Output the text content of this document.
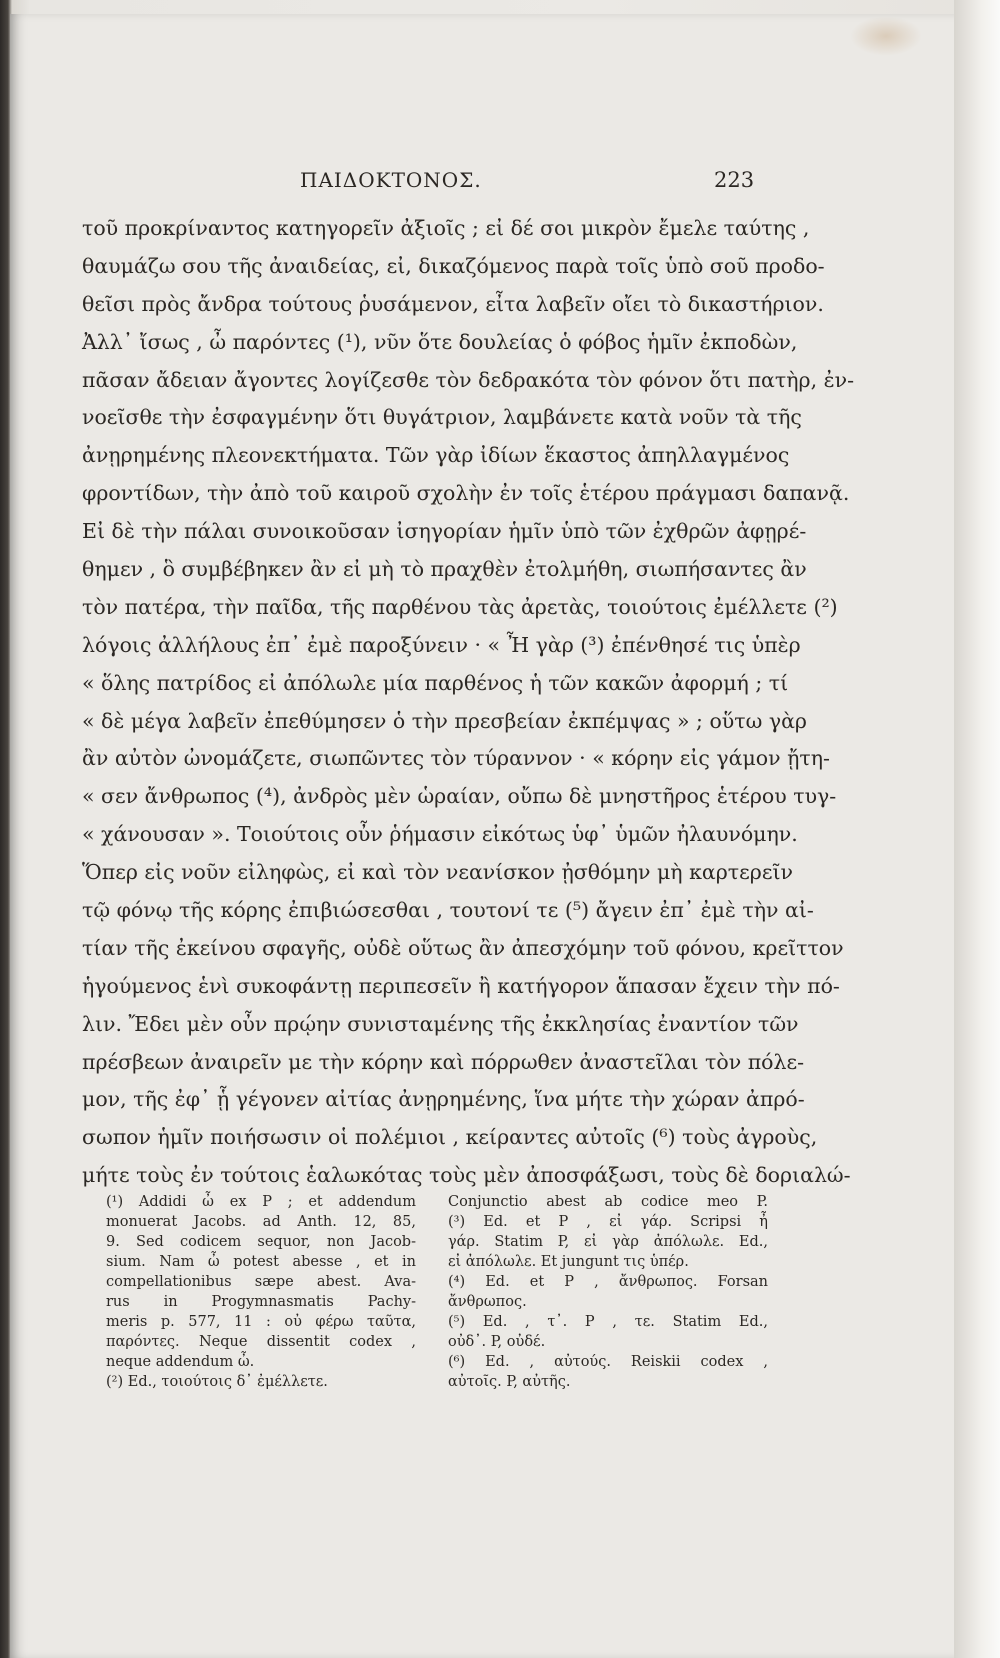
ΠΑΙΔΟΚΤΟΝΟΣ.	223
τοῦ προκρίναντος κατηγορεῖν ἀξιοῖς ; εἰ δέ σοι μικρὸν ἔμελε ταύτης ,
θαυμάζω σου τῆς ἀναιδείας, εἰ, δικαζόμενος παρὰ τοῖς ὑπὸ σοῦ προδο-
θεῖσι πρὸς ἄνδρα τούτους ῥυσάμενον, εἶτα λαβεῖν οἴει τὸ δικαστήριον.
Ἀλλ᾽ ἴσως , ὦ παρόντες (¹), νῦν ὅτε δουλείας ὁ φόβος ἡμῖν ἐκποδὼν,
πᾶσαν ἄδειαν ἄγοντες λογίζεσθε τὸν δεδρακότα τὸν φόνον ὅτι πατὴρ, ἐν-
νοεῖσθε τὴν ἐσφαγμένην ὅτι θυγάτριον, λαμβάνετε κατὰ νοῦν τὰ τῆς
ἀνῃρημένης πλεονεκτήματα. Τῶν γὰρ ἰδίων ἕκαστος ἀπηλλαγμένος
φροντίδων, τὴν ἀπὸ τοῦ καιροῦ σχολὴν ἐν τοῖς ἑτέρου πράγμασι δαπανᾷ.
Εἰ δὲ τὴν πάλαι συνοικοῦσαν ἰσηγορίαν ἡμῖν ὑπὸ τῶν ἐχθρῶν ἀφῃρέ-
θημεν , ὃ συμβέβηκεν ἂν εἰ μὴ τὸ πραχθὲν ἐτολμήθη, σιωπήσαντες ἂν
τὸν πατέρα, τὴν παῖδα, τῆς παρθένου τὰς ἀρετὰς, τοιούτοις ἐμέλλετε (²)
λόγοις ἀλλήλους ἐπ᾽ ἐμὲ παροξύνειν · « Ἦ γὰρ (³) ἐπένθησέ τις ὑπὲρ
« ὅλης πατρίδος εἰ ἀπόλωλε μία παρθένος ἡ τῶν κακῶν ἀφορμή ; τί
« δὲ μέγα λαβεῖν ἐπεθύμησεν ὁ τὴν πρεσβείαν ἐκπέμψας » ; οὕτω γὰρ
ἂν αὐτὸν ὠνομάζετε, σιωπῶντες τὸν τύραννον · « κόρην εἰς γάμον ᾔτη-
« σεν ἄνθρωπος (⁴), ἀνδρὸς μὲν ὡραίαν, οὔπω δὲ μνηστῆρος ἑτέρου τυγ-
« χάνουσαν ». Τοιούτοις οὖν ῥήμασιν εἰκότως ὑφ᾽ ὑμῶν ἠλαυνόμην.
Ὅπερ εἰς νοῦν εἰληφὼς, εἰ καὶ τὸν νεανίσκον ᾐσθόμην μὴ καρτερεῖν
τῷ φόνῳ τῆς κόρης ἐπιβιώσεσθαι , τουτονί τε (⁵) ἄγειν ἐπ᾽ ἐμὲ τὴν αἰ-
τίαν τῆς ἐκείνου σφαγῆς, οὐδὲ οὕτως ἂν ἀπεσχόμην τοῦ φόνου, κρεῖττον
ἡγούμενος ἑνὶ συκοφάντῃ περιπεσεῖν ἢ κατήγορον ἅπασαν ἔχειν τὴν πό-
λιν. Ἔδει μὲν οὖν πρῴην συνισταμένης τῆς ἐκκλησίας ἐναντίον τῶν
πρέσβεων ἀναιρεῖν με τὴν κόρην καὶ πόρρωθεν ἀναστεῖλαι τὸν πόλε-
μον, τῆς ἐφ᾽ ᾗ γέγονεν αἰτίας ἀνῃρημένης, ἵνα μήτε τὴν χώραν ἀπρό-
σωπον ἡμῖν ποιήσωσιν οἱ πολέμιοι , κείραντες αὐτοῖς (⁶) τοὺς ἀγροὺς,
μήτε τοὺς ἐν τούτοις ἑαλωκότας τοὺς μὲν ἀποσφάξωσι, τοὺς δὲ δοριαλώ-
(¹) Addidi ὦ ex P ; et addendum
monuerat Jacobs. ad Anth. 12, 85,
9. Sed codicem sequor, non Jacob-
sium. Nam ὦ potest abesse , et in
compellationibus sæpe abest. Ava-
rus in Progymnasmatis Pachy-
meris p. 577, 11 : οὐ φέρω ταῦτα,
παρόντες. Neque dissentit codex ,
neque addendum ὦ.
(²) Ed., τοιούτοις δ᾽ ἐμέλλετε.
Conjunctio abest ab codice meo P.
(³) Ed. et P , εἰ γάρ. Scripsi ἦ
γάρ. Statim P, εἰ γὰρ ἀπόλωλε. Ed.,
εἰ ἀπόλωλε. Et jungunt τις ὑπέρ.
(⁴) Ed. et P , ἄνθρωπος. Forsan
ἄνθρωπος.
(⁵) Ed. , τ᾽. P , τε. Statim Ed.,
οὐδ᾽. P, οὐδέ.
(⁶) Ed. , αὐτούς. Reiskii codex ,
αὐτοῖς. P, αὐτῆς.
